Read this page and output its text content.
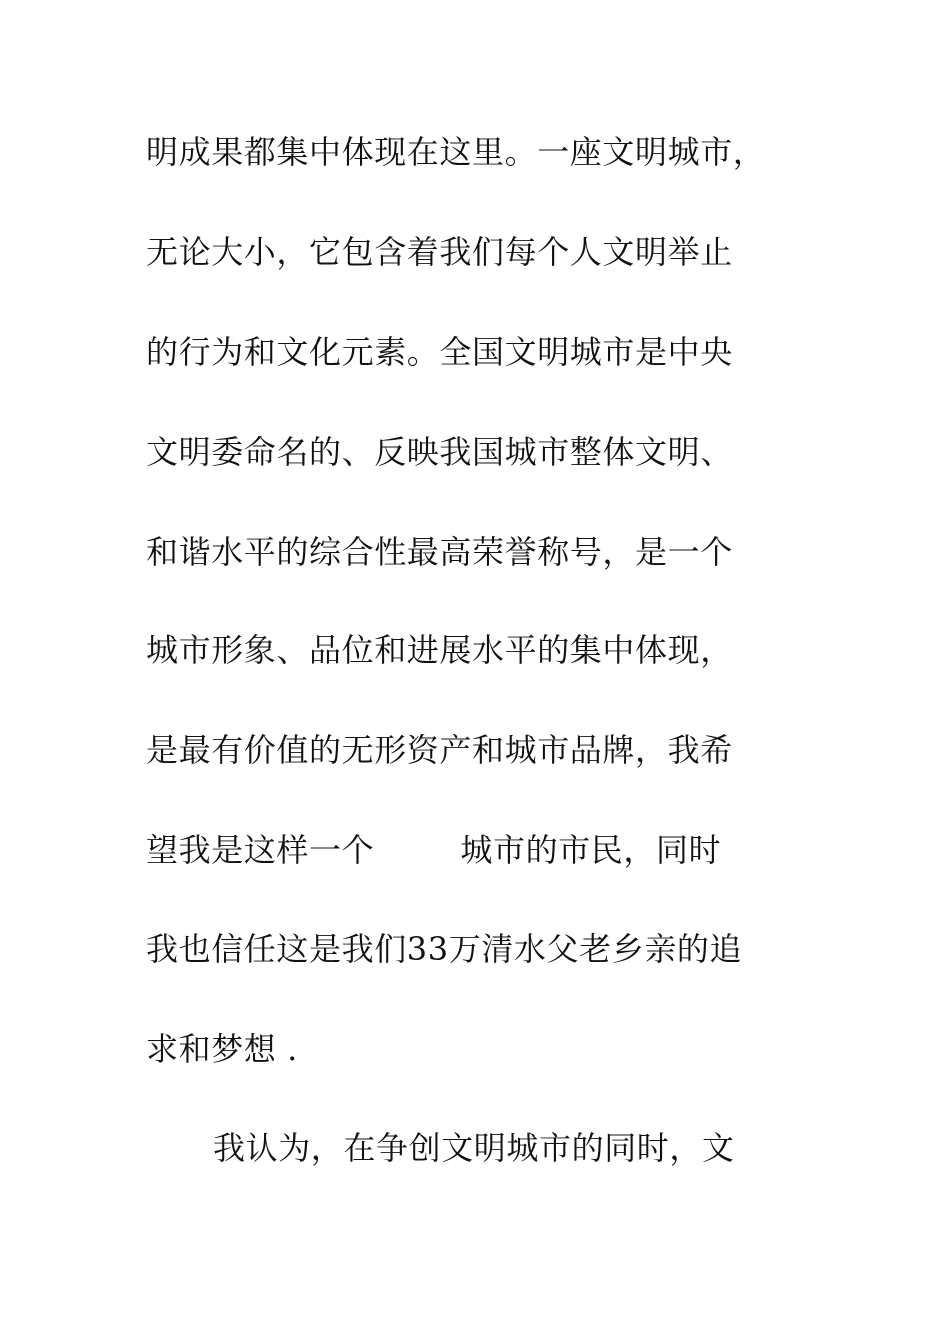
明成果都集中体现在这里。一座文明城市，
无论大小，它包含着我们每个人文明举止
的行为和文化元素。全国文明城市是中央
文明委命名的、反映我国城市整体文明、
和谐水平的综合性最高荣誉称号，是一个
城市形象、品位和进展水平的集中体现，
是最有价值的无形资产和城市品牌，我希
望我是这样一个        城市的市民，同时
我也信任这是我们33万清水父老乡亲的追
求和梦想 .
我认为，在争创文明城市的同时，文
